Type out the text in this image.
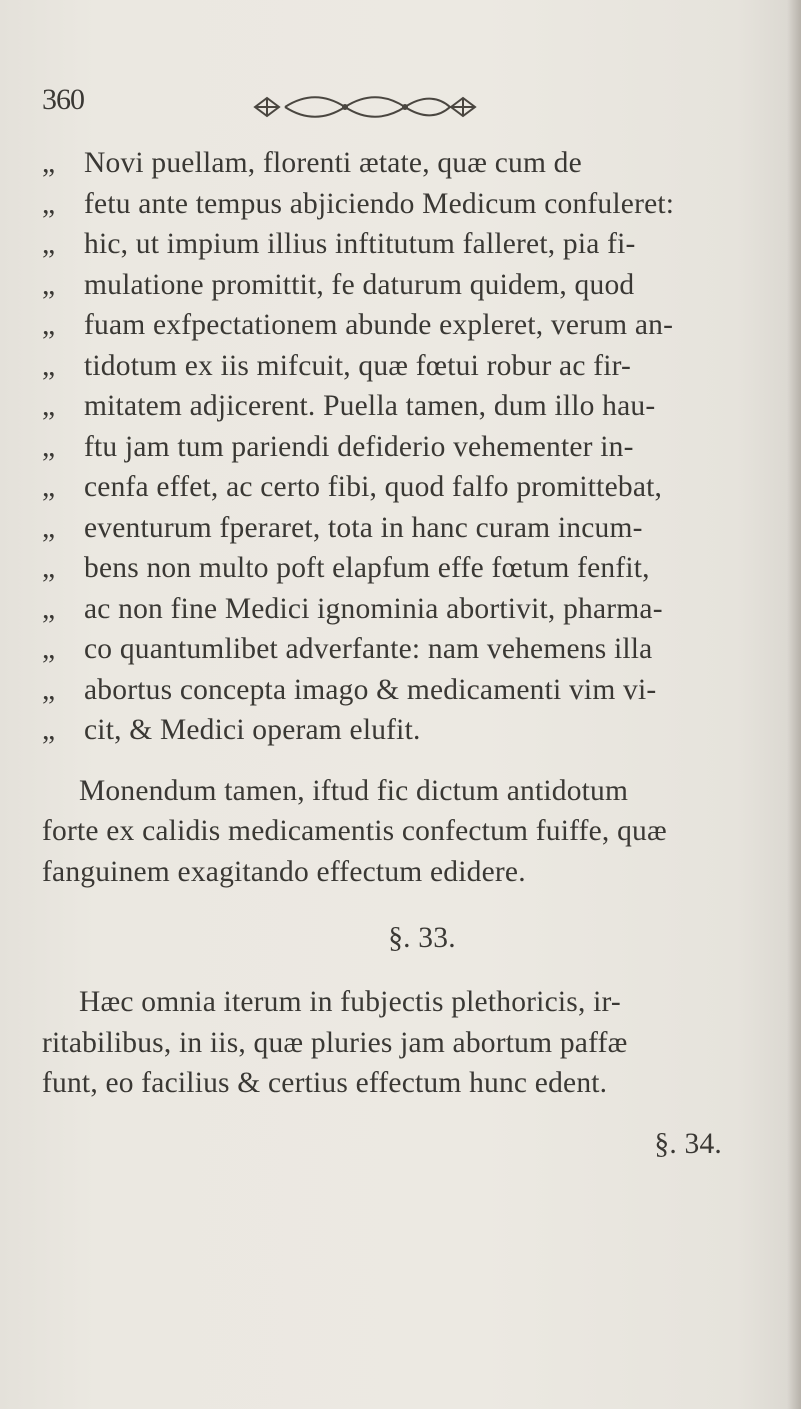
360
„ Novi puellam, florenti ætate, quæ cum de
„ fetu ante tempus abjiciendo Medicum confuleret:
„ hic, ut impium illius inftitutum falleret, pia fi-
„ mulatione promittit, fe daturum quidem, quod
„ fuam exfpectationem abunde expleret, verum an-
„ tidotum ex iis mifcuit, quæ fœtui robur ac fir-
„ mitatem adjicerent. Puella tamen, dum illo hau-
„ ftu jam tum pariendi defiderio vehementer in-
„ cenfa effet, ac certo fibi, quod falfo promittebat,
„ eventurum fperaret, tota in hanc curam incum-
„ bens non multo poft elapfum effe fœtum fenfit,
„ ac non fine Medici ignominia abortivit, pharma-
„ co quantumlibet adverfante: nam vehemens illa
„ abortus concepta imago & medicamenti vim vi-
„ cit, & Medici operam elufit.
Monendum tamen, iftud fic dictum antidotum
forte ex calidis medicamentis confectum fuiffe, quæ
fanguinem exagitando effectum edidere.
§. 33.
Hæc omnia iterum in fubjectis plethoricis, ir-
ritabilibus, in iis, quæ pluries jam abortum paffæ
funt, eo facilius & certius effectum hunc edent.
§. 34.
